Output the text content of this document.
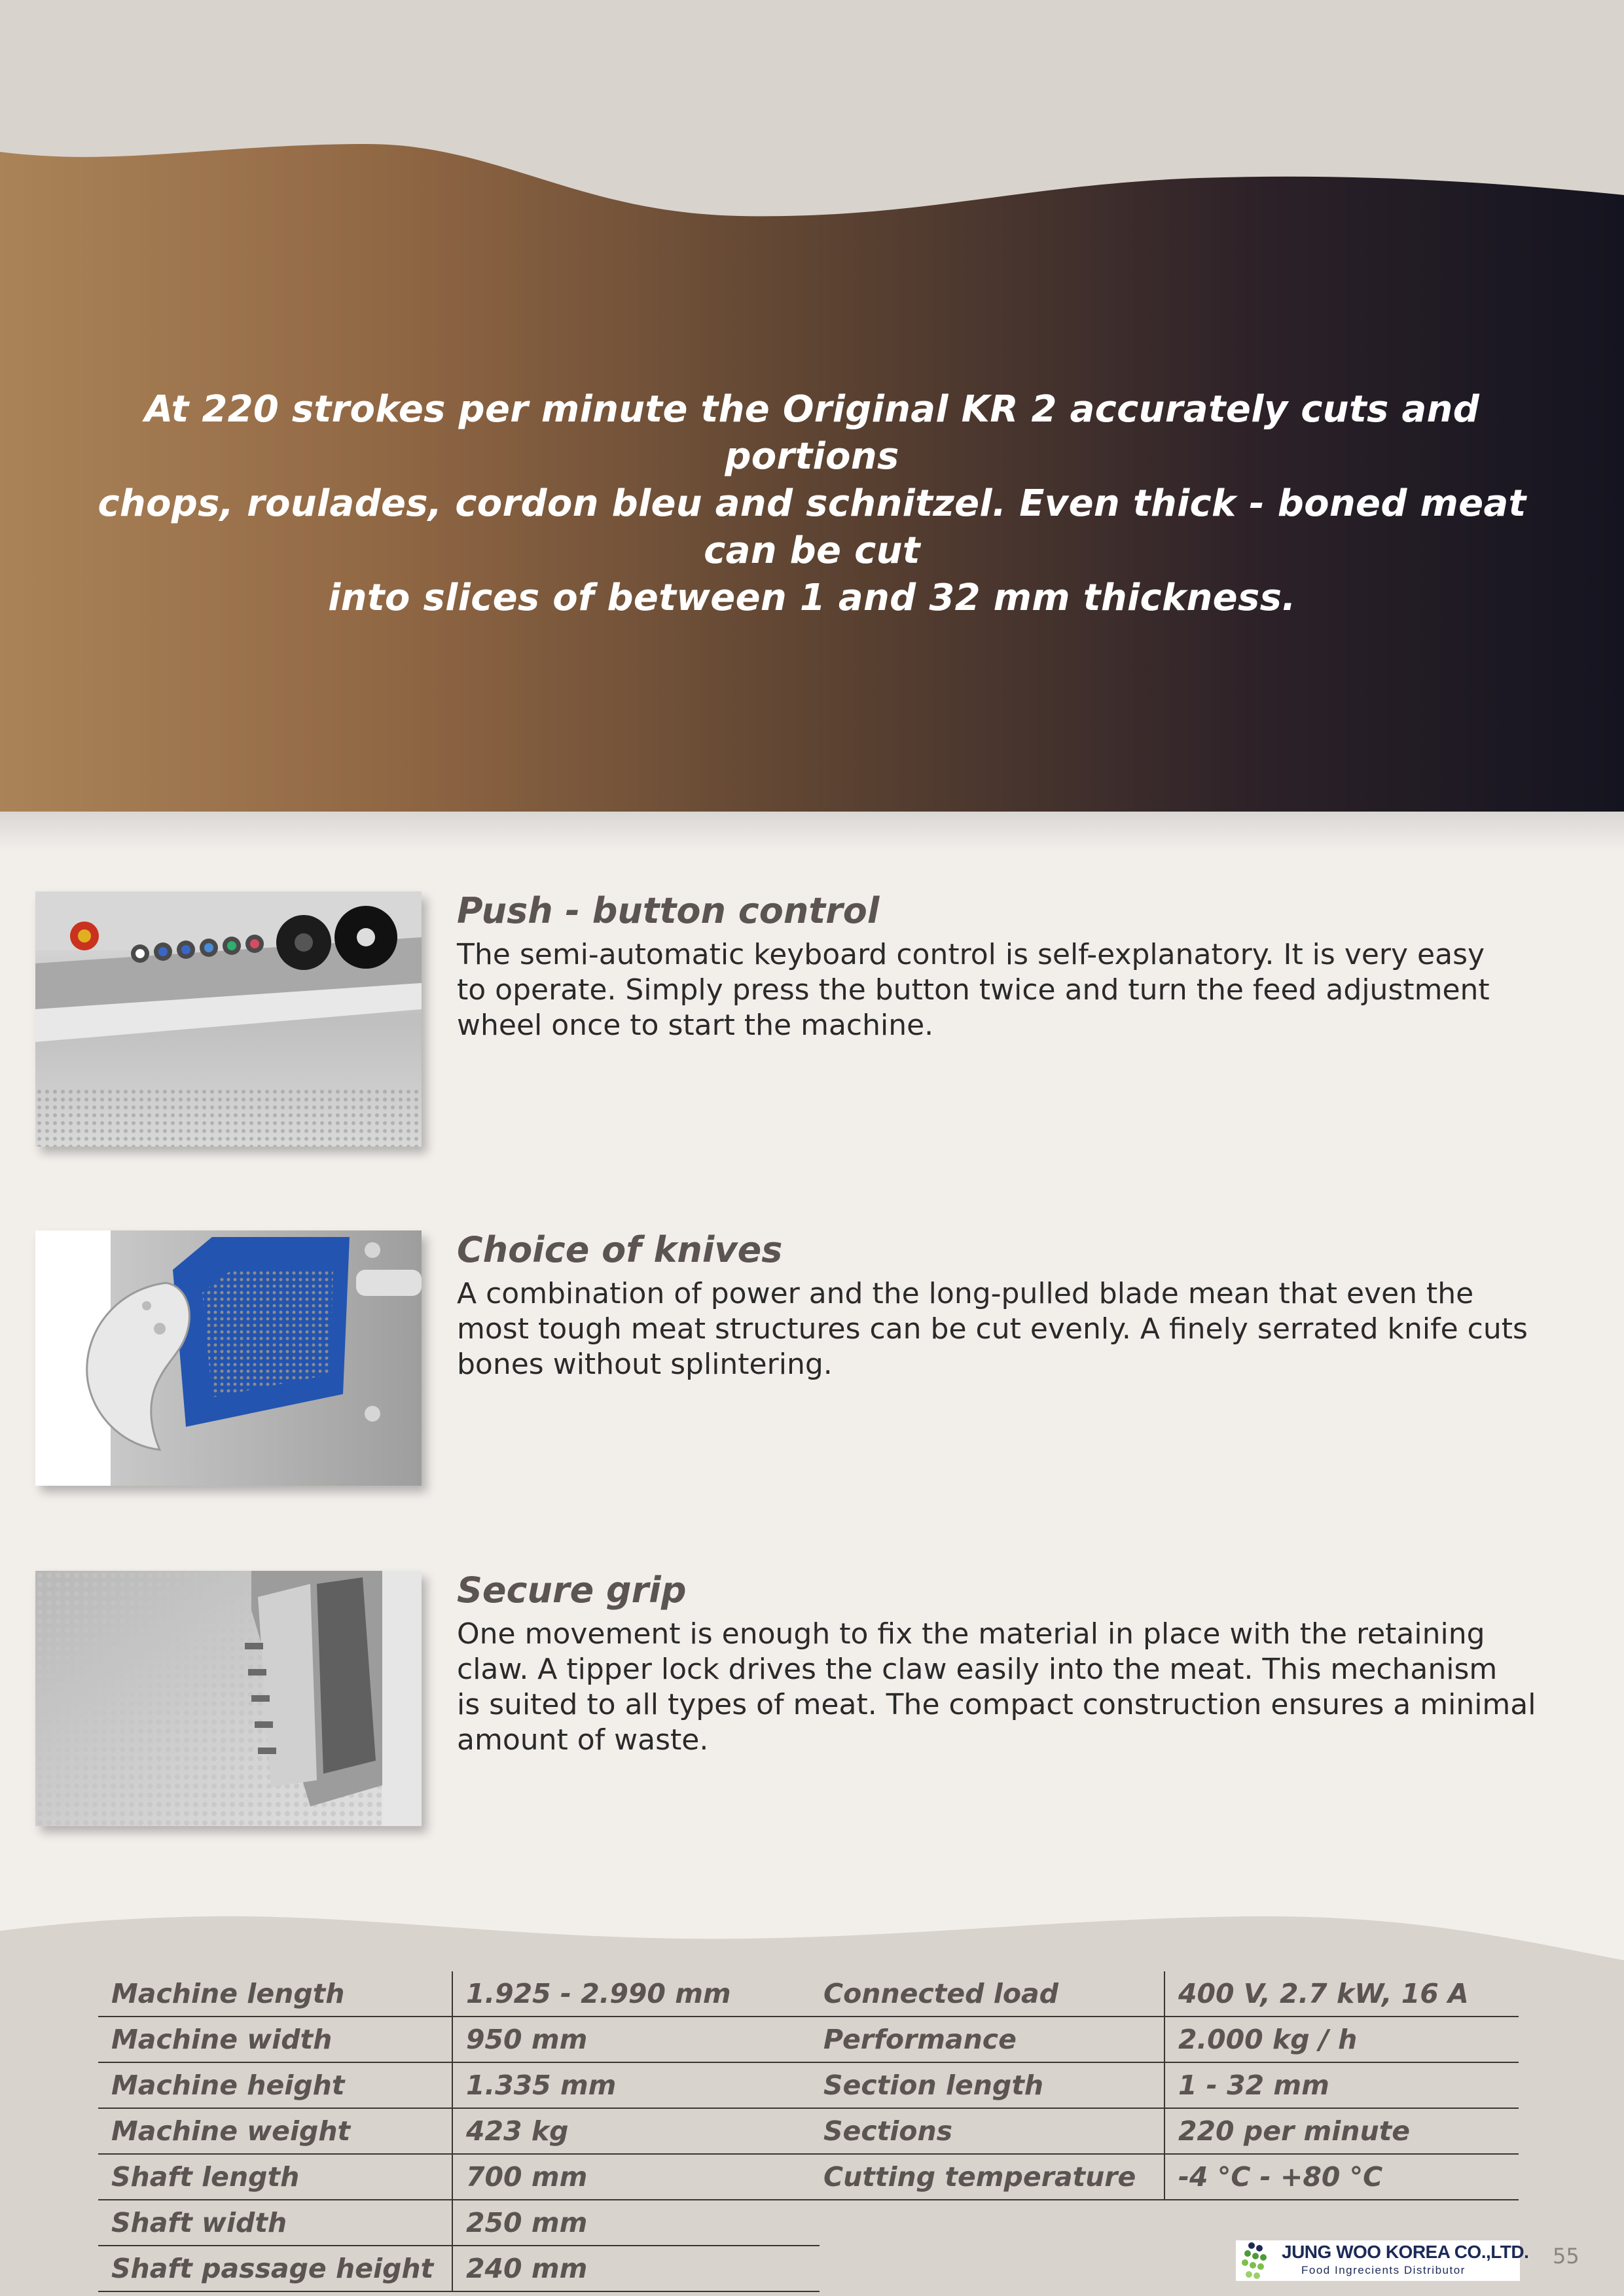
At 220 strokes per minute the Original KR 2 accurately cuts and portions
chops, roulades, cordon bleu and schnitzel. Even thick - boned meat can be cut
into slices of between 1 and 32 mm thickness.
Push - button control
The semi-automatic keyboard control is self-explanatory. It is very easy
to operate. Simply press the button twice and turn the feed adjustment
wheel once to start the machine.
Choice of knives
A combination of power and the long-pulled blade mean that even the
most tough meat structures can be cut evenly. A finely serrated knife cuts
bones without splintering.
Secure grip
One movement is enough to fix the material in place with the retaining
claw. A tipper lock drives the claw easily into the meat. This mechanism
is suited to all types of meat. The compact construction ensures a minimal
amount of waste.
Machine length	1.925 - 2.990 mm
Machine width	950 mm
Machine height	1.335 mm
Machine weight	423 kg
Shaft length	700 mm
Shaft width	250 mm
Shaft passage height	240 mm
Connected load	400 V, 2.7 kW, 16 A
Performance	2.000 kg / h
Section length	1 - 32 mm
Sections	220 per minute
Cutting temperature	-4 °C - +80 °C
JUNG WOO KOREA CO.,LTD.
Food Ingrecients Distributor
55
